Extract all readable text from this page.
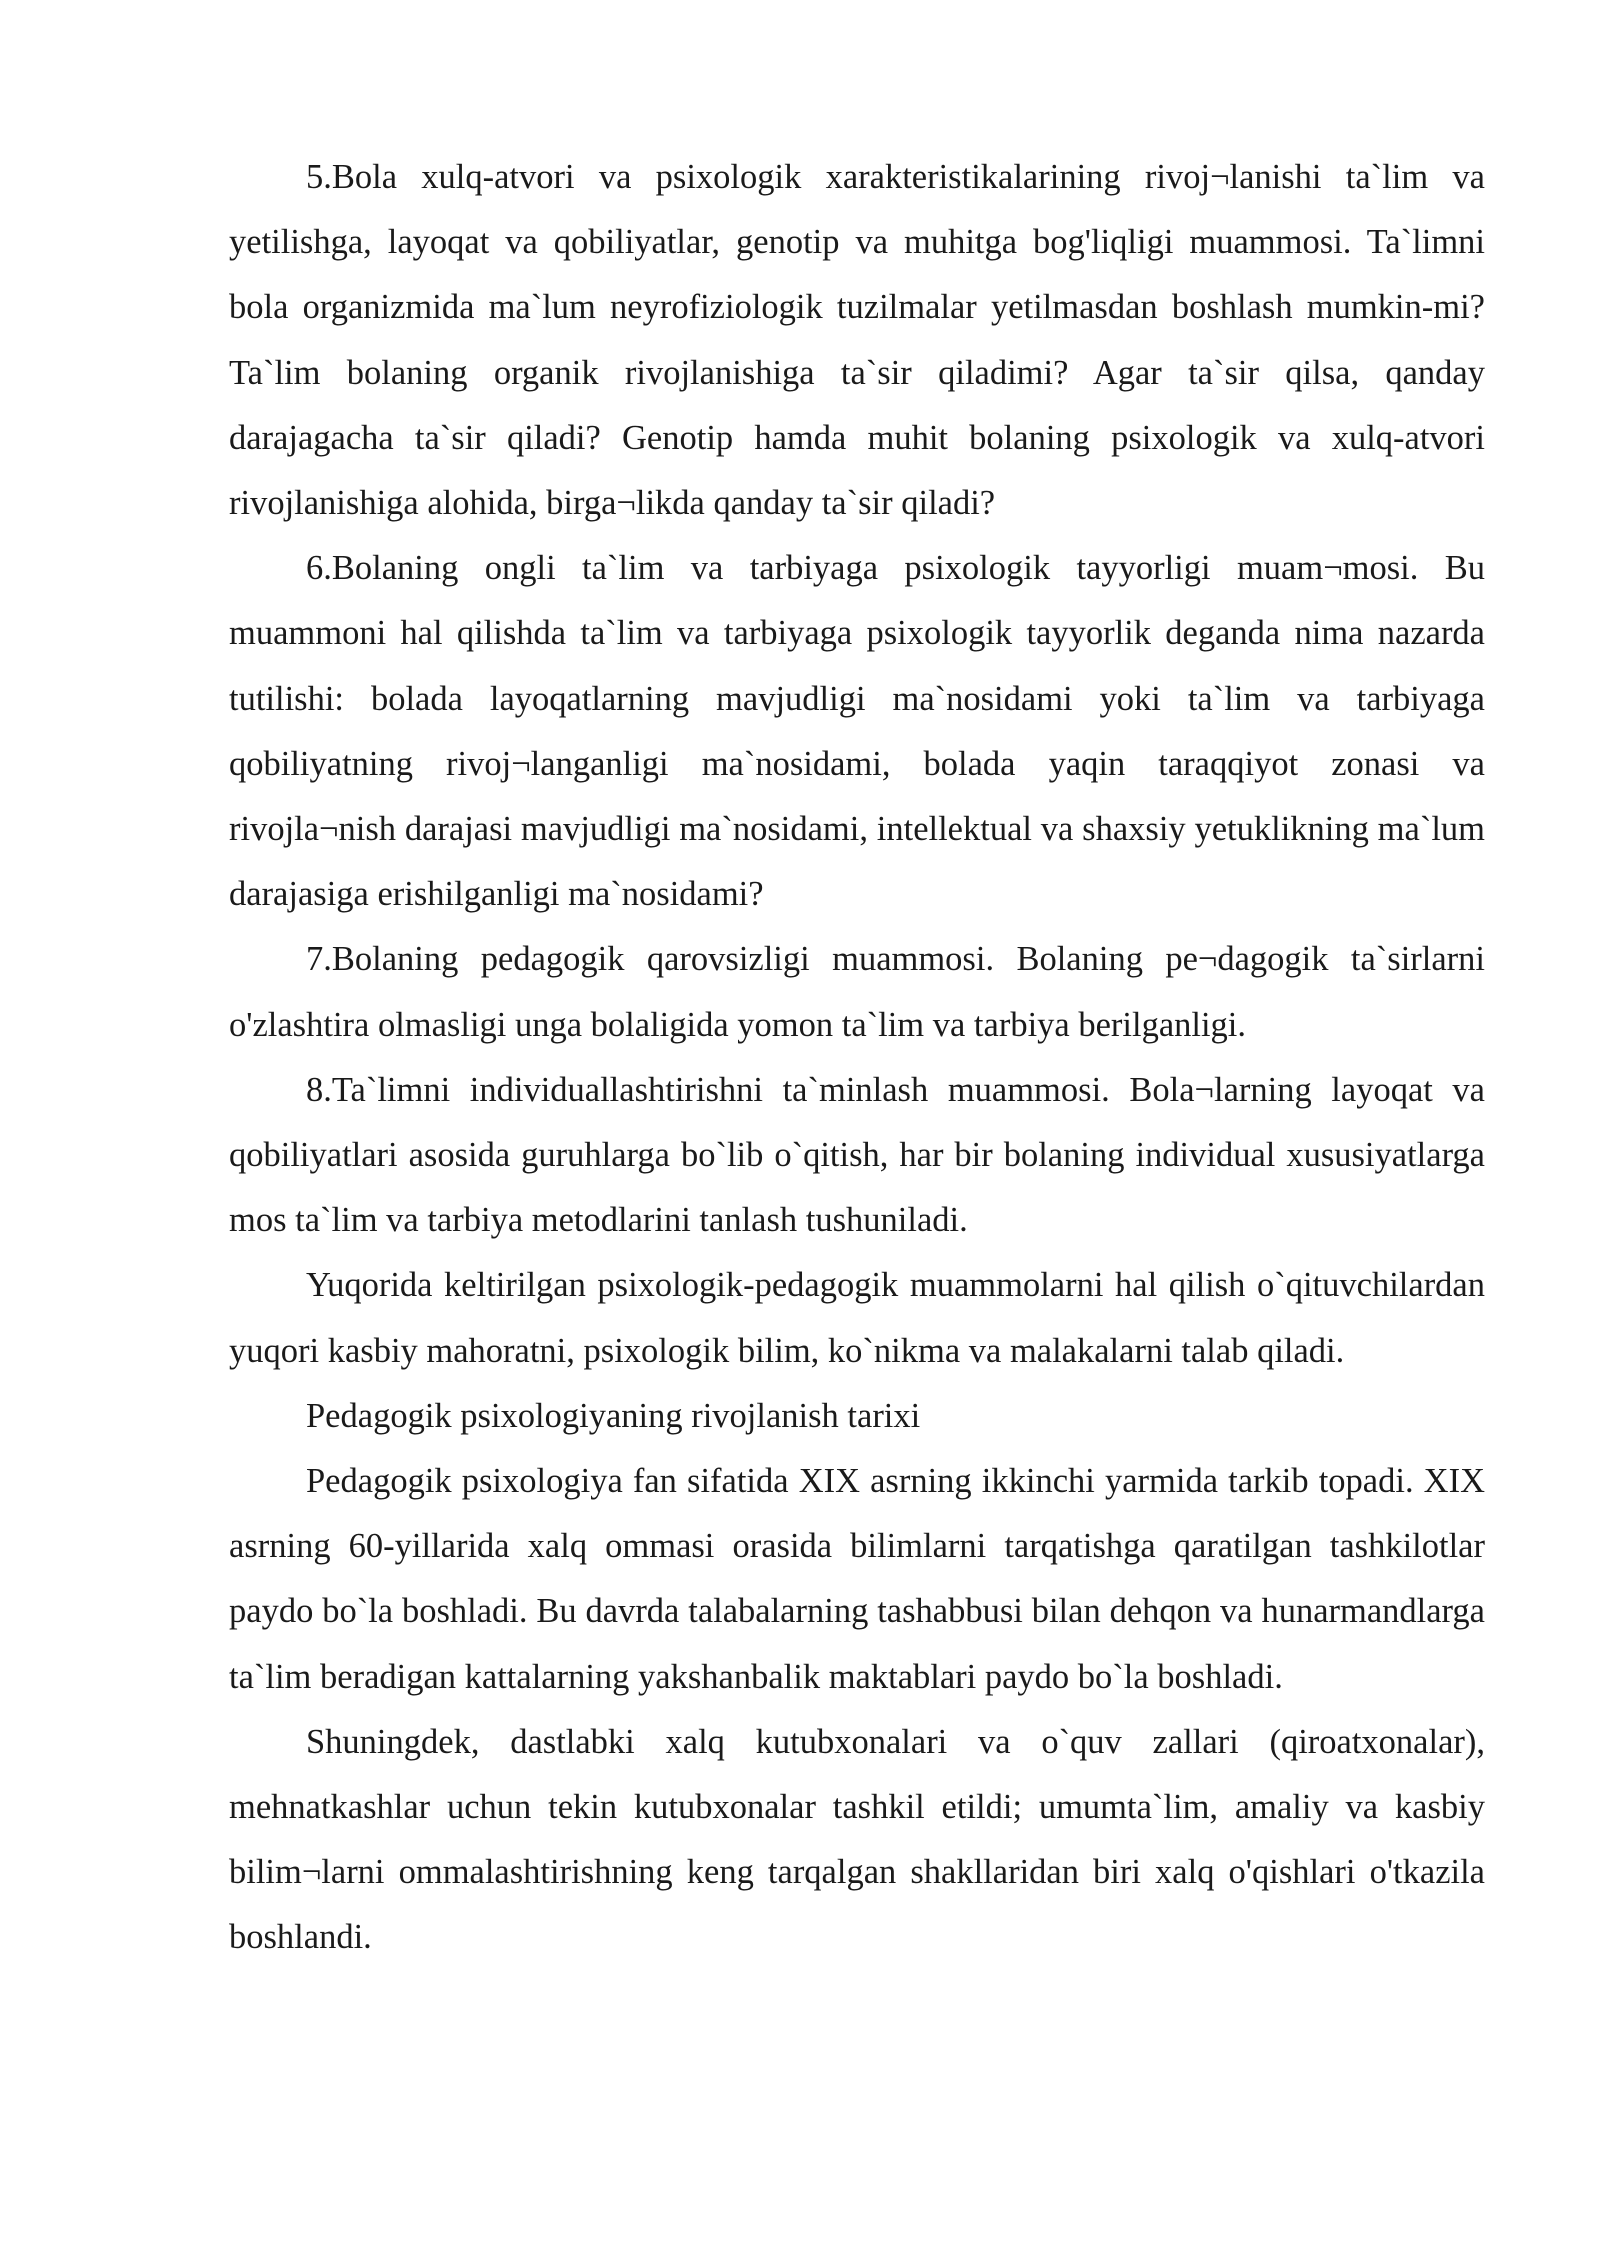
5.Bola xulq-atvori va psixologik xarakteristikalarining rivoj¬lanishi ta`lim va yetilishga, layoqat va qobiliyatlar, genotip va muhitga bog'liqligi muammosi. Ta`limni bola organizmida ma`lum neyrofiziologik tuzilmalar yetilmasdan boshlash mumkin-mi? Ta`lim bolaning organik rivojlanishiga ta`sir qiladimi? Agar ta`sir qilsa, qanday darajagacha ta`sir qiladi? Genotip hamda muhit bolaning psixologik va xulq-atvori rivojlanishiga alohida, birga¬likda qanday ta`sir qiladi?

6.Bolaning ongli ta`lim va tarbiyaga psixologik tayyorligi muam¬mosi. Bu muammoni hal qilishda ta`lim va tarbiyaga psixologik tayyorlik deganda nima nazarda tutilishi: bolada layoqatlarning mavjudligi ma`nosidami yoki ta`lim va tarbiyaga qobiliyatning rivoj¬langanligi ma`nosidami, bolada yaqin taraqqiyot zonasi va rivojla¬nish darajasi mavjudligi ma`nosidami, intellektual va shaxsiy yetuklikning ma`lum darajasiga erishilganligi ma`nosidami?

7.Bolaning pedagogik qarovsizligi muammosi. Bolaning pe¬dagogik ta`sirlarni o'zlashtira olmasligi unga bolaligida yomon ta`lim va tarbiya berilganligi.

8.Ta`limni individuallashtirishni ta`minlash muammosi. Bola¬larning layoqat va qobiliyatlari asosida guruhlarga bo`lib o`qitish, har bir bolaning individual xususiyatlarga mos ta`lim va tarbiya metodlarini tanlash tushuniladi.

Yuqorida keltirilgan psixologik-pedagogik muammolarni hal qilish o`qituvchilardan yuqori kasbiy mahoratni, psixologik bilim, ko`nikma va malakalarni talab qiladi.

Pedagogik psixologiyaning rivojlanish tarixi

Pedagogik psixologiya fan sifatida XIX asrning ikkinchi yarmida tarkib topadi. XIX asrning 60-yillarida xalq ommasi orasida bilimlarni tarqatishga qaratilgan tashkilotlar paydo bo`la boshladi. Bu davrda talabalarning tashabbusi bilan dehqon va hunarmandlarga ta`lim beradigan kattalarning yakshanbalik maktablari paydo bo`la boshladi.

Shuningdek, dastlabki xalq kutubxonalari va o`quv zallari (qiroatxonalar), mehnatkashlar uchun tekin kutubxonalar tashkil etildi; umumta`lim, amaliy va kasbiy bilim¬larni ommalashtirishning keng tarqalgan shakllaridan biri xalq o'qishlari o'tkazila boshlandi.
